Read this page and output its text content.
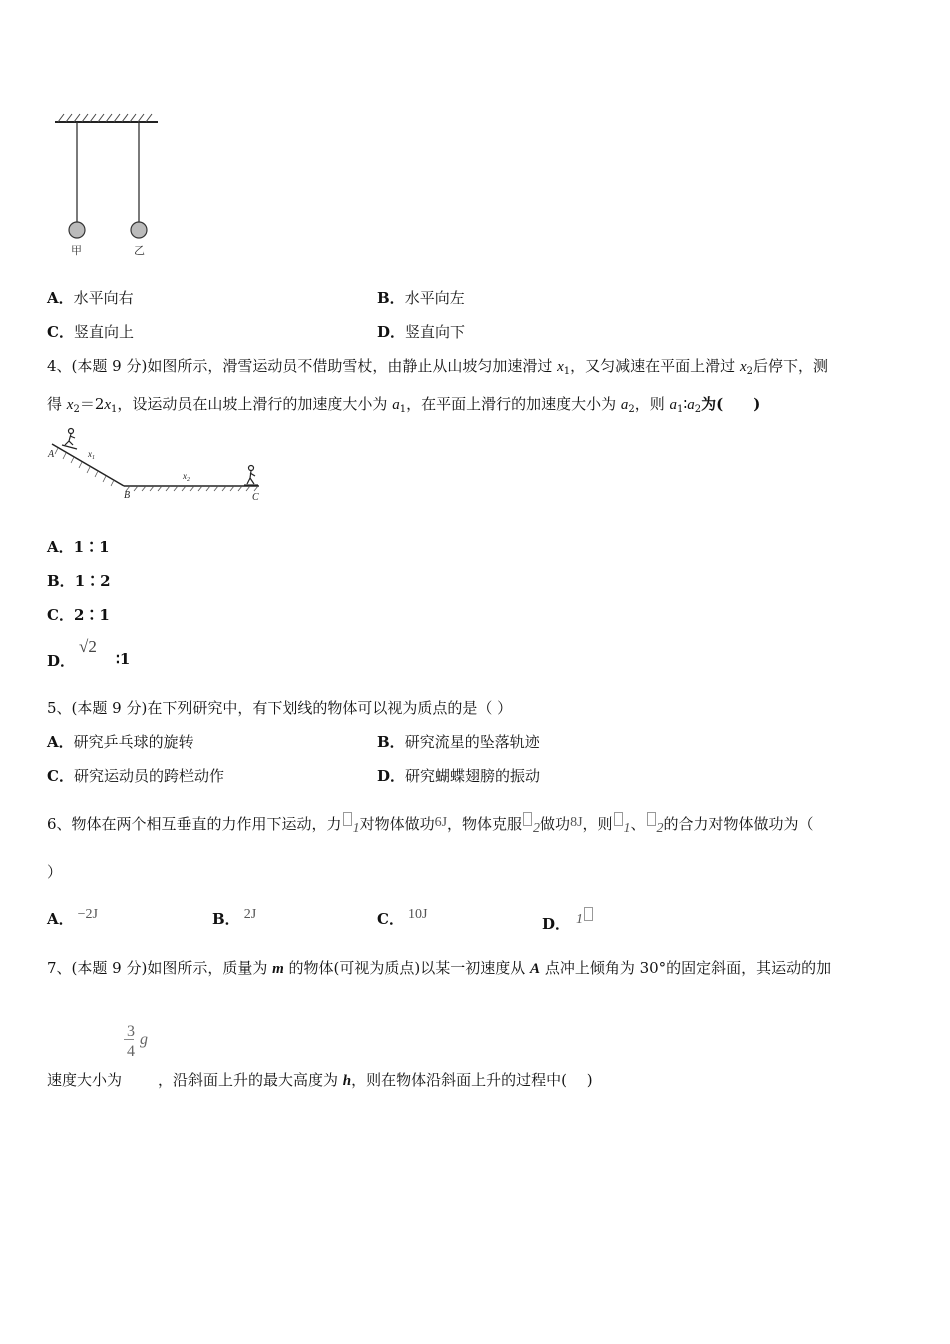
甲	乙
A．水平向右	B．水平向左
C．竖直向上	D．竖直向下
4、(本题 9 分)如图所示，滑雪运动员不借助雪杖，由静止从山坡匀加速滑过 $x_1$，又匀减速在平面上滑过 $x_2$后停下，测
得 $x_2=2x_1$，设运动员在山坡上滑行的加速度大小为 $a_1$，在平面上滑行的加速度大小为 $a_2$，则 $a_1∶a_2$为(　　)
A
B	C
$x_1$
$x_2$
A．1∶1
B．1∶2
C．2∶1
D．
√2
∶1
5、(本题 9 分)在下列研究中，有下划线的物体可以视为质点的是（ ）
A．研究乒乓球的旋转	B．研究流星的坠落轨迹
C．研究运动员的跨栏动作	D．研究蝴蝶翅膀的振动
6、物体在两个相互垂直的力作用下运动，力 $_1$对物体做功6J，物体克服 $_2$做功8J，则 $_1$、 $_2$的合力对物体做功为（
）
A． −2J	B． 2J	C． 10J
D． 1
7、(本题 9 分)如图所示，质量为 m 的物体(可视为质点)以某一初速度从 A 点冲上倾角为 30°的固定斜面，其运动的加
速度大小为
3
4
g
，沿斜面上升的最大高度为 h，则在物体沿斜面上升的过程中(　 )
